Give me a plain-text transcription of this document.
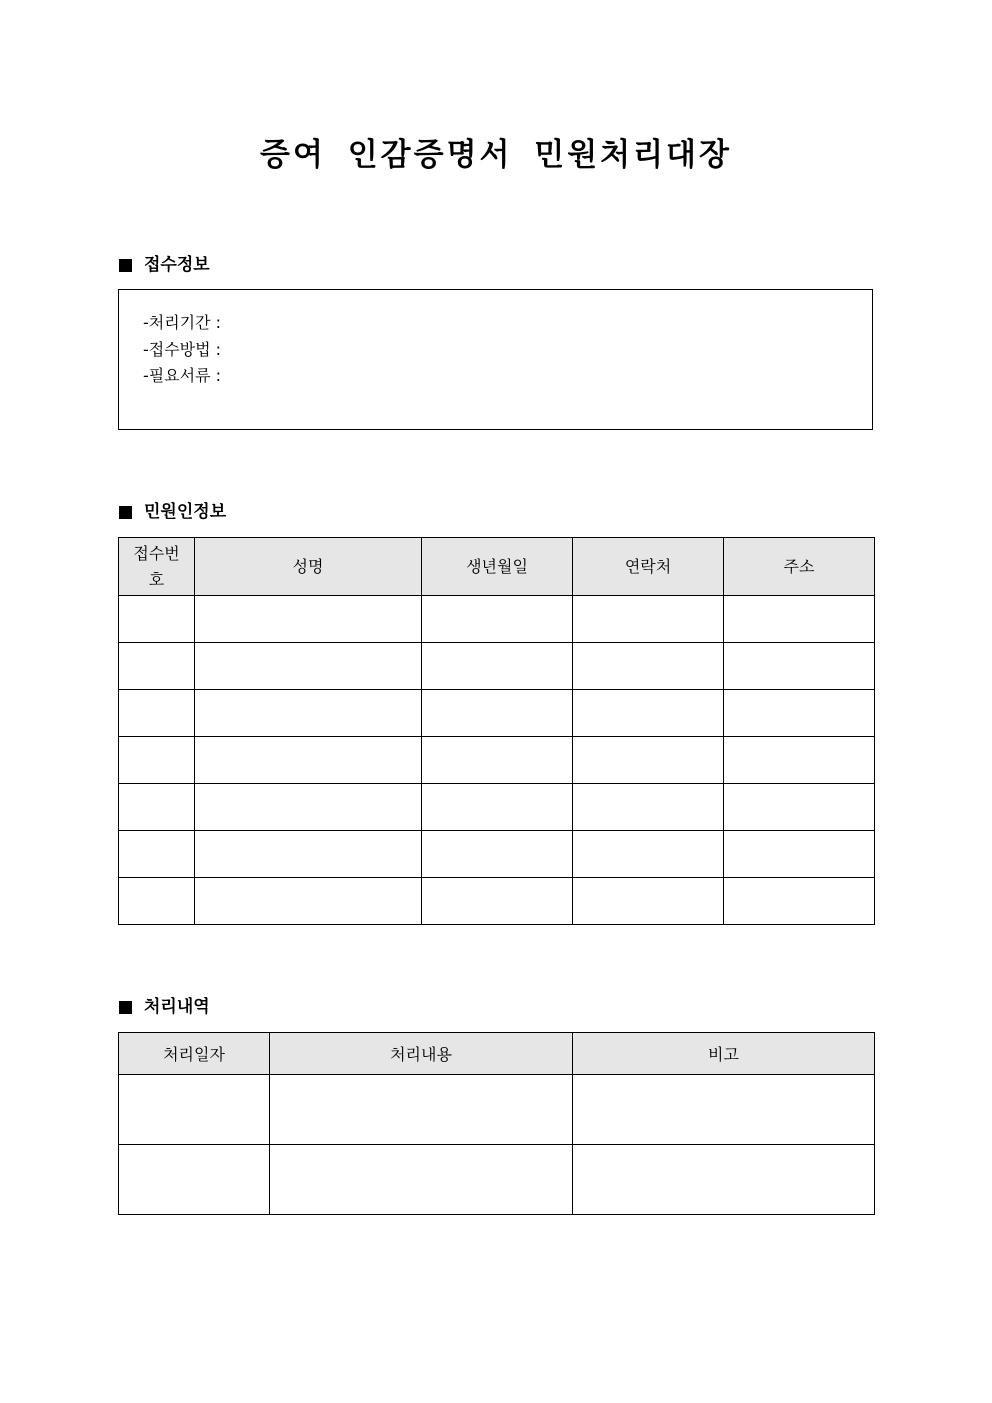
증여 인감증명서 민원처리대장
접수정보
-처리기간 :
-접수방법 :
-필요서류 :
민원인정보
접수번호	성명	생년월일	연락처	주소

처리내역
처리일자	처리내용	비고
